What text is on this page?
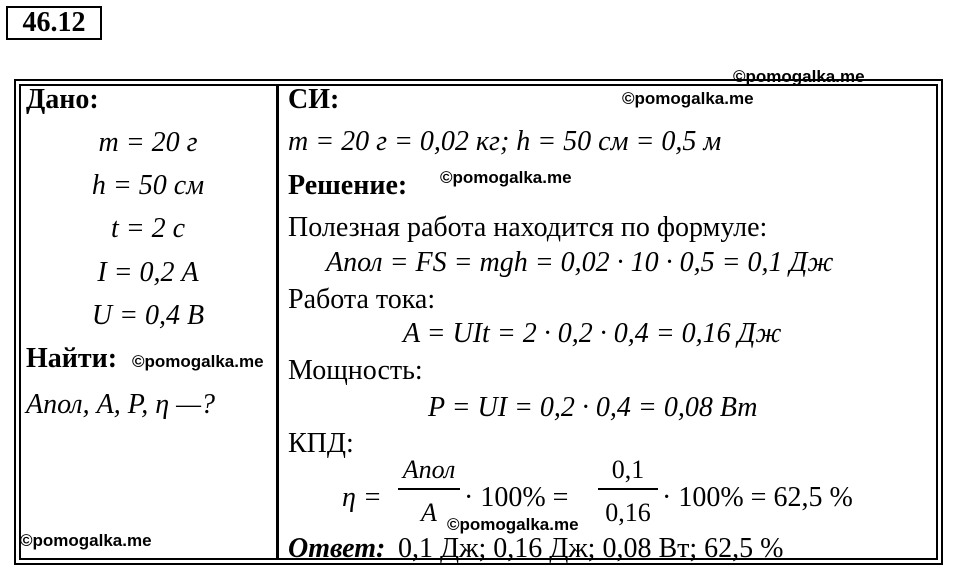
46.12
©pomogalka.me
©pomogalka.me
©pomogalka.me
©pomogalka.me
©pomogalka.me
©pomogalka.me
Дано:
m = 20 г
h = 50 см
t = 2 с
I = 0,2 А
U = 0,4 В
Найти:
Aпол, A, P, η —?
СИ:
m = 20 г = 0,02 кг; h = 50 см = 0,5 м
Решение:
Полезная работа находится по формуле:
Aпол = FS = mgh = 0,02 · 10 · 0,5 = 0,1 Дж
Работа тока:
A = UIt = 2 · 0,2 · 0,4 = 0,16 Дж
Мощность:
P = UI = 0,2 · 0,4 = 0,08 Вт
КПД:
η =
Aпол
A · 100% =
0,1
0,16 · 100% = 62,5 %
Ответ: 0,1 Дж; 0,16 Дж; 0,08 Вт; 62,5 %
